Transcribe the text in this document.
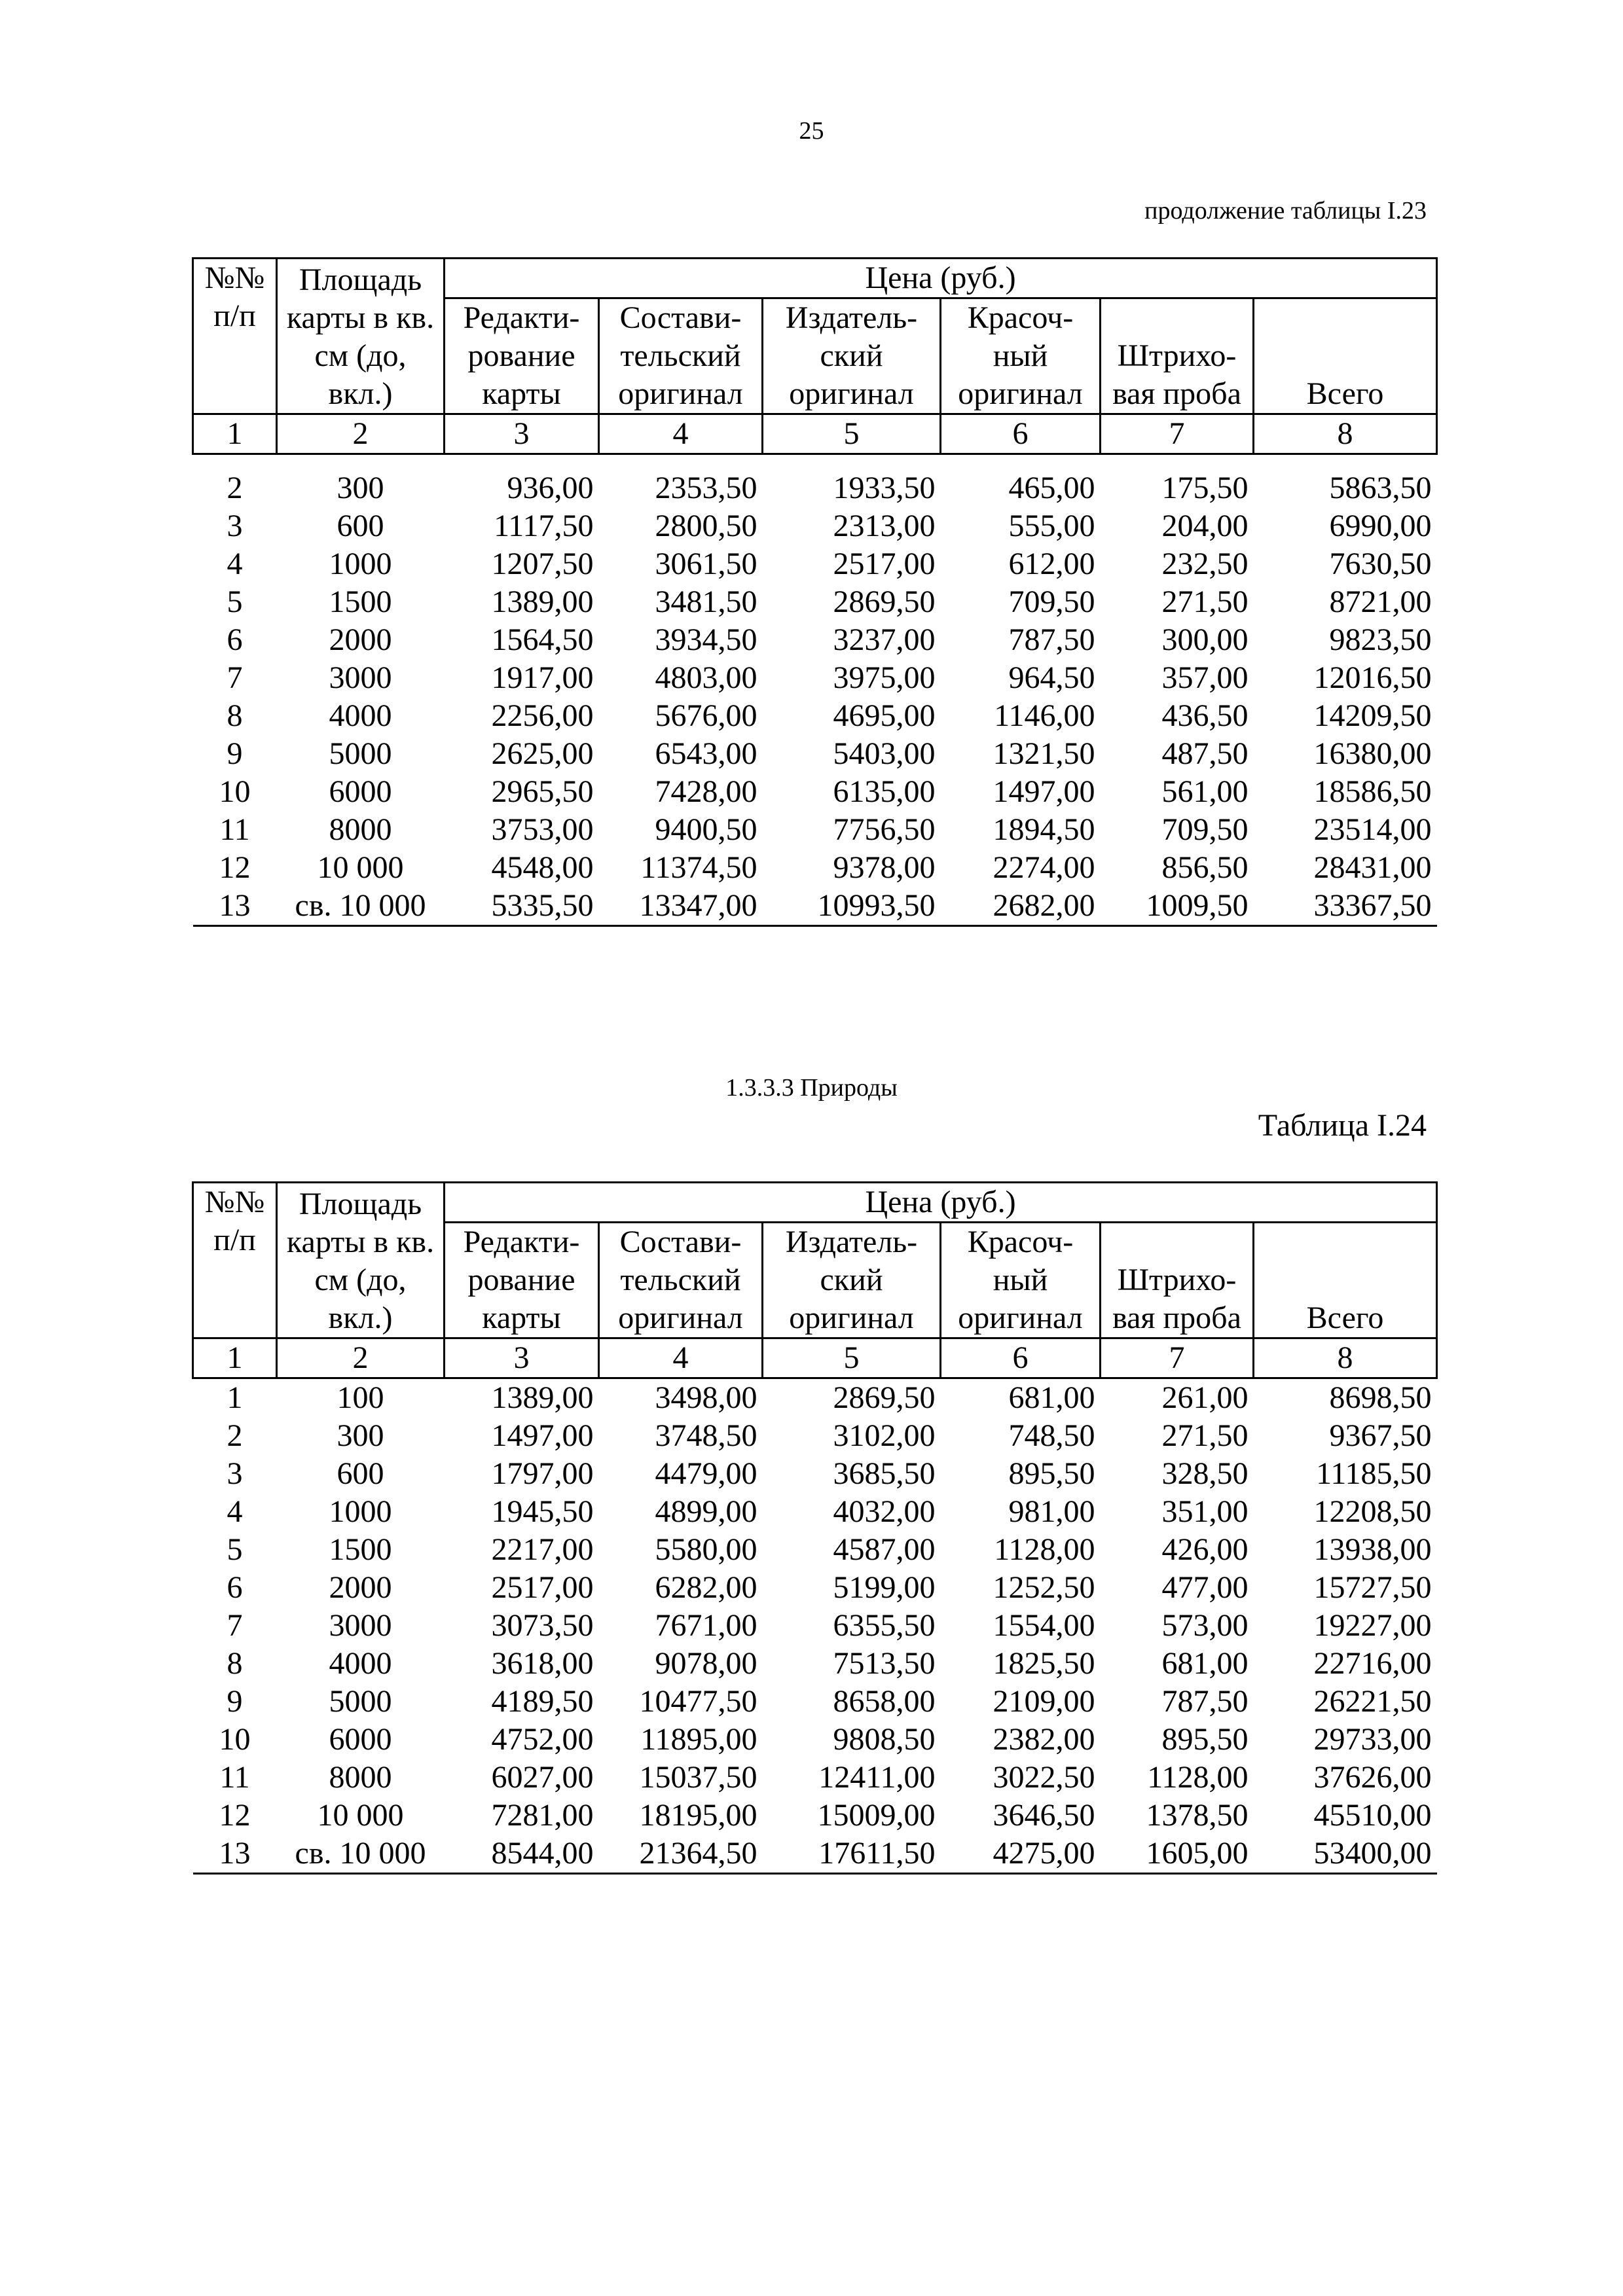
25
продолжение таблицы I.23
№№ п/п	Площадь карты в кв. см (до, вкл.)	Цена (руб.)					
		Редакти- рование карты	Состави- тельский оригинал	Издатель- ский оригинал	Красоч- ный оригинал	Штрихо- вая проба	Всего
1	2	3	4	5	6	7	8
2	300	936,00	2353,50	1933,50	465,00	175,50	5863,50
3	600	1117,50	2800,50	2313,00	555,00	204,00	6990,00
4	1000	1207,50	3061,50	2517,00	612,00	232,50	7630,50
5	1500	1389,00	3481,50	2869,50	709,50	271,50	8721,00
6	2000	1564,50	3934,50	3237,00	787,50	300,00	9823,50
7	3000	1917,00	4803,00	3975,00	964,50	357,00	12016,50
8	4000	2256,00	5676,00	4695,00	1146,00	436,50	14209,50
9	5000	2625,00	6543,00	5403,00	1321,50	487,50	16380,00
10	6000	2965,50	7428,00	6135,00	1497,00	561,00	18586,50
11	8000	3753,00	9400,50	7756,50	1894,50	709,50	23514,00
12	10 000	4548,00	11374,50	9378,00	2274,00	856,50	28431,00
13	св. 10 000	5335,50	13347,00	10993,50	2682,00	1009,50	33367,50
1.3.3.3 Природы
Таблица I.24
№№ п/п	Площадь карты в кв. см (до, вкл.)	Цена (руб.)					
		Редакти- рование карты	Состави- тельский оригинал	Издатель- ский оригинал	Красоч- ный оригинал	Штрихо- вая проба	Всего
1	2	3	4	5	6	7	8
1	100	1389,00	3498,00	2869,50	681,00	261,00	8698,50
2	300	1497,00	3748,50	3102,00	748,50	271,50	9367,50
3	600	1797,00	4479,00	3685,50	895,50	328,50	11185,50
4	1000	1945,50	4899,00	4032,00	981,00	351,00	12208,50
5	1500	2217,00	5580,00	4587,00	1128,00	426,00	13938,00
6	2000	2517,00	6282,00	5199,00	1252,50	477,00	15727,50
7	3000	3073,50	7671,00	6355,50	1554,00	573,00	19227,00
8	4000	3618,00	9078,00	7513,50	1825,50	681,00	22716,00
9	5000	4189,50	10477,50	8658,00	2109,00	787,50	26221,50
10	6000	4752,00	11895,00	9808,50	2382,00	895,50	29733,00
11	8000	6027,00	15037,50	12411,00	3022,50	1128,00	37626,00
12	10 000	7281,00	18195,00	15009,00	3646,50	1378,50	45510,00
13	св. 10 000	8544,00	21364,50	17611,50	4275,00	1605,00	53400,00
